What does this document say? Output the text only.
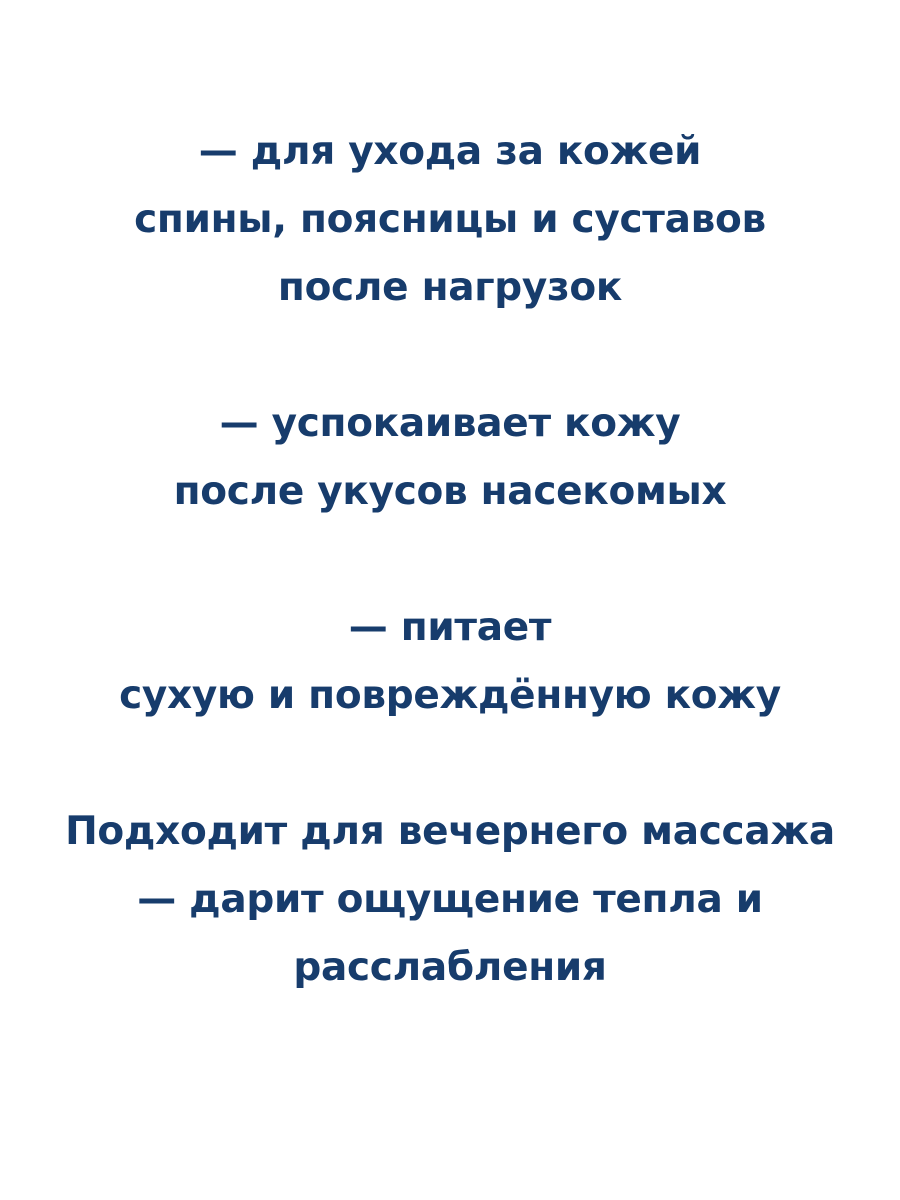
— для ухода за кожей
спины, поясницы и суставов
после нагрузок

— успокаивает кожу
после укусов насекомых

— питает
сухую и повреждённую кожу

Подходит для вечернего массажа
— дарит ощущение тепла и
расслабления
